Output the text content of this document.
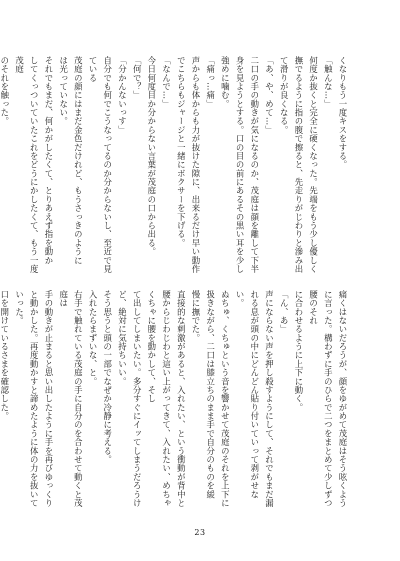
くなりもう一度キスをする。
「触んな…」
何度か抜くと完全に硬くなった。先端をもう少し優しく
撫でるように指の腹で擦ると、先走りがじわりと滲み出
て滑りが良くなる。
「あ、や、めて…」
二口の手の動きが気になるのか、茂庭は顔を離して下半
身を見ようとする。口の目の前にあるその黒い耳を少し
強めに噛む。
「痛っ…痛」
声からも体からも力が抜けた隙に、出来るだけ早い動作
でこちらもジャージと一緒にボクサーを下げる。
「なんで…」
今日何度目か分からない言葉が茂庭の口から出る。
「何で？」
「分かんないっす」
自分でも何でこうなってるのか分からないし、至近で見ている
茂庭の顔にはまだ金色だけれど、もうさっきのように
は光っていない。
それでもまだ、何かがしたくて、とりあえず指を動か
してくっついていたこれをどうにかしたくて、もう一度茂庭
のそれを触った。

痛くはないだろうが、顔をゆがめて茂庭はそう呟くよう
に言った。構わずに手のひらで二つをまとめて少しずつ腰のそれ
に合わせるように上下に動く。
「ん、あ」
声にならない声を押し殺すようにして、それでもまだ漏
れる息が頭の中にどんどん貼り付いていって剥がせな
い。
ぬちゅ、くちゅという音を響かせて茂庭のそれを上下に
扱きながら、二口は膝立ちのまま手で自分のものを緩
慢に撫でた。
直接的な刺激があると、入れたい、という衝動が背中と
腰からじわじわと這い上がってきて、入れたい、めちゃくちゃに腰を動かして、そし
て出してしまいたい。多分すぐにイッてしまうだろうけ
ど、絶対に気持ちいい。
そう思うと頭の一部でなぜか冷静に考える。
入れたらまずいな、と。
右手で触れている茂庭の手に自分のを合わせて動くと茂庭は
手の動きが止まると思い出したように手を再びゆっくり
と動かした。再度動かすと諦めたように体の力を抜いていった。
口を開けているさまを確認した。

23
